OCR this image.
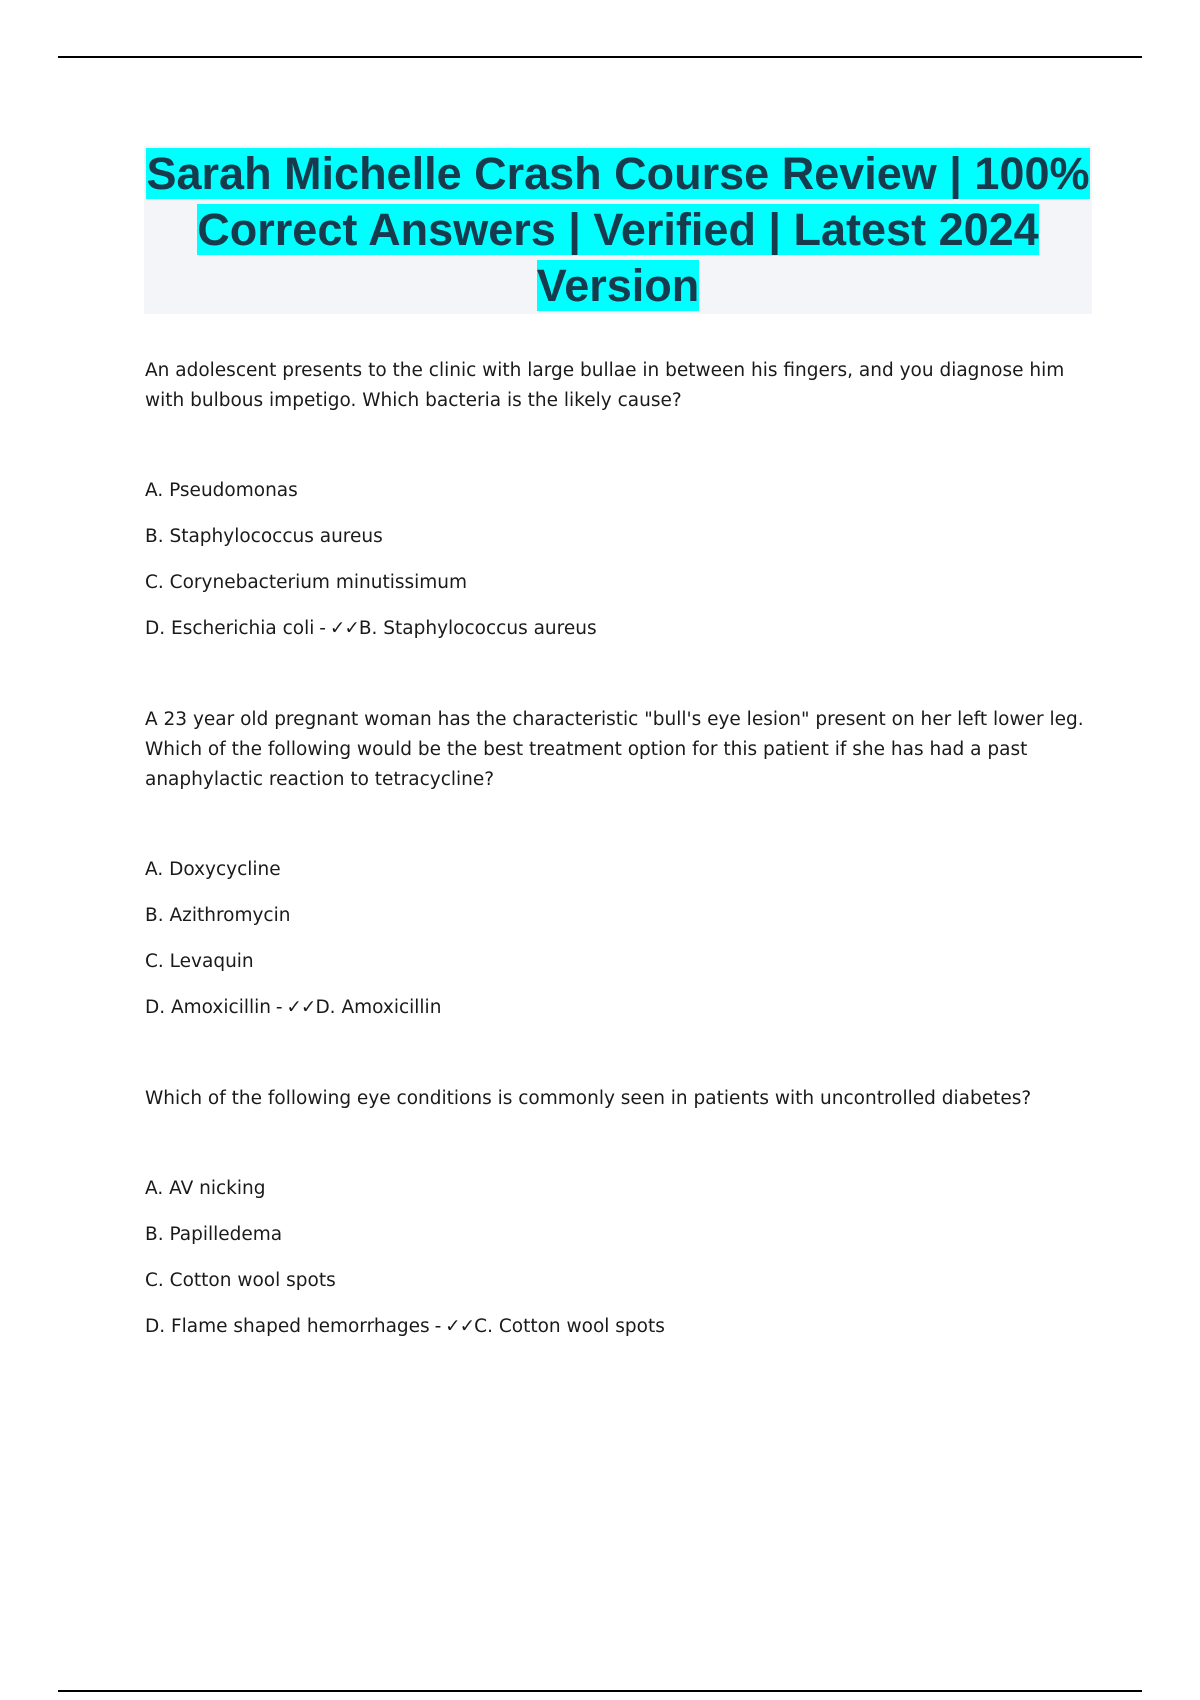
Sarah Michelle Crash Course Review | 100% Correct Answers | Verified | Latest 2024 Version

An adolescent presents to the clinic with large bullae in between his fingers, and you diagnose him with bulbous impetigo. Which bacteria is the likely cause?

A. Pseudomonas
B. Staphylococcus aureus
C. Corynebacterium minutissimum
D. Escherichia coli - ✓✓B. Staphylococcus aureus

A 23 year old pregnant woman has the characteristic "bull's eye lesion" present on her left lower leg. Which of the following would be the best treatment option for this patient if she has had a past anaphylactic reaction to tetracycline?

A. Doxycycline
B. Azithromycin
C. Levaquin
D. Amoxicillin - ✓✓D. Amoxicillin

Which of the following eye conditions is commonly seen in patients with uncontrolled diabetes?

A. AV nicking
B. Papilledema
C. Cotton wool spots
D. Flame shaped hemorrhages - ✓✓C. Cotton wool spots
